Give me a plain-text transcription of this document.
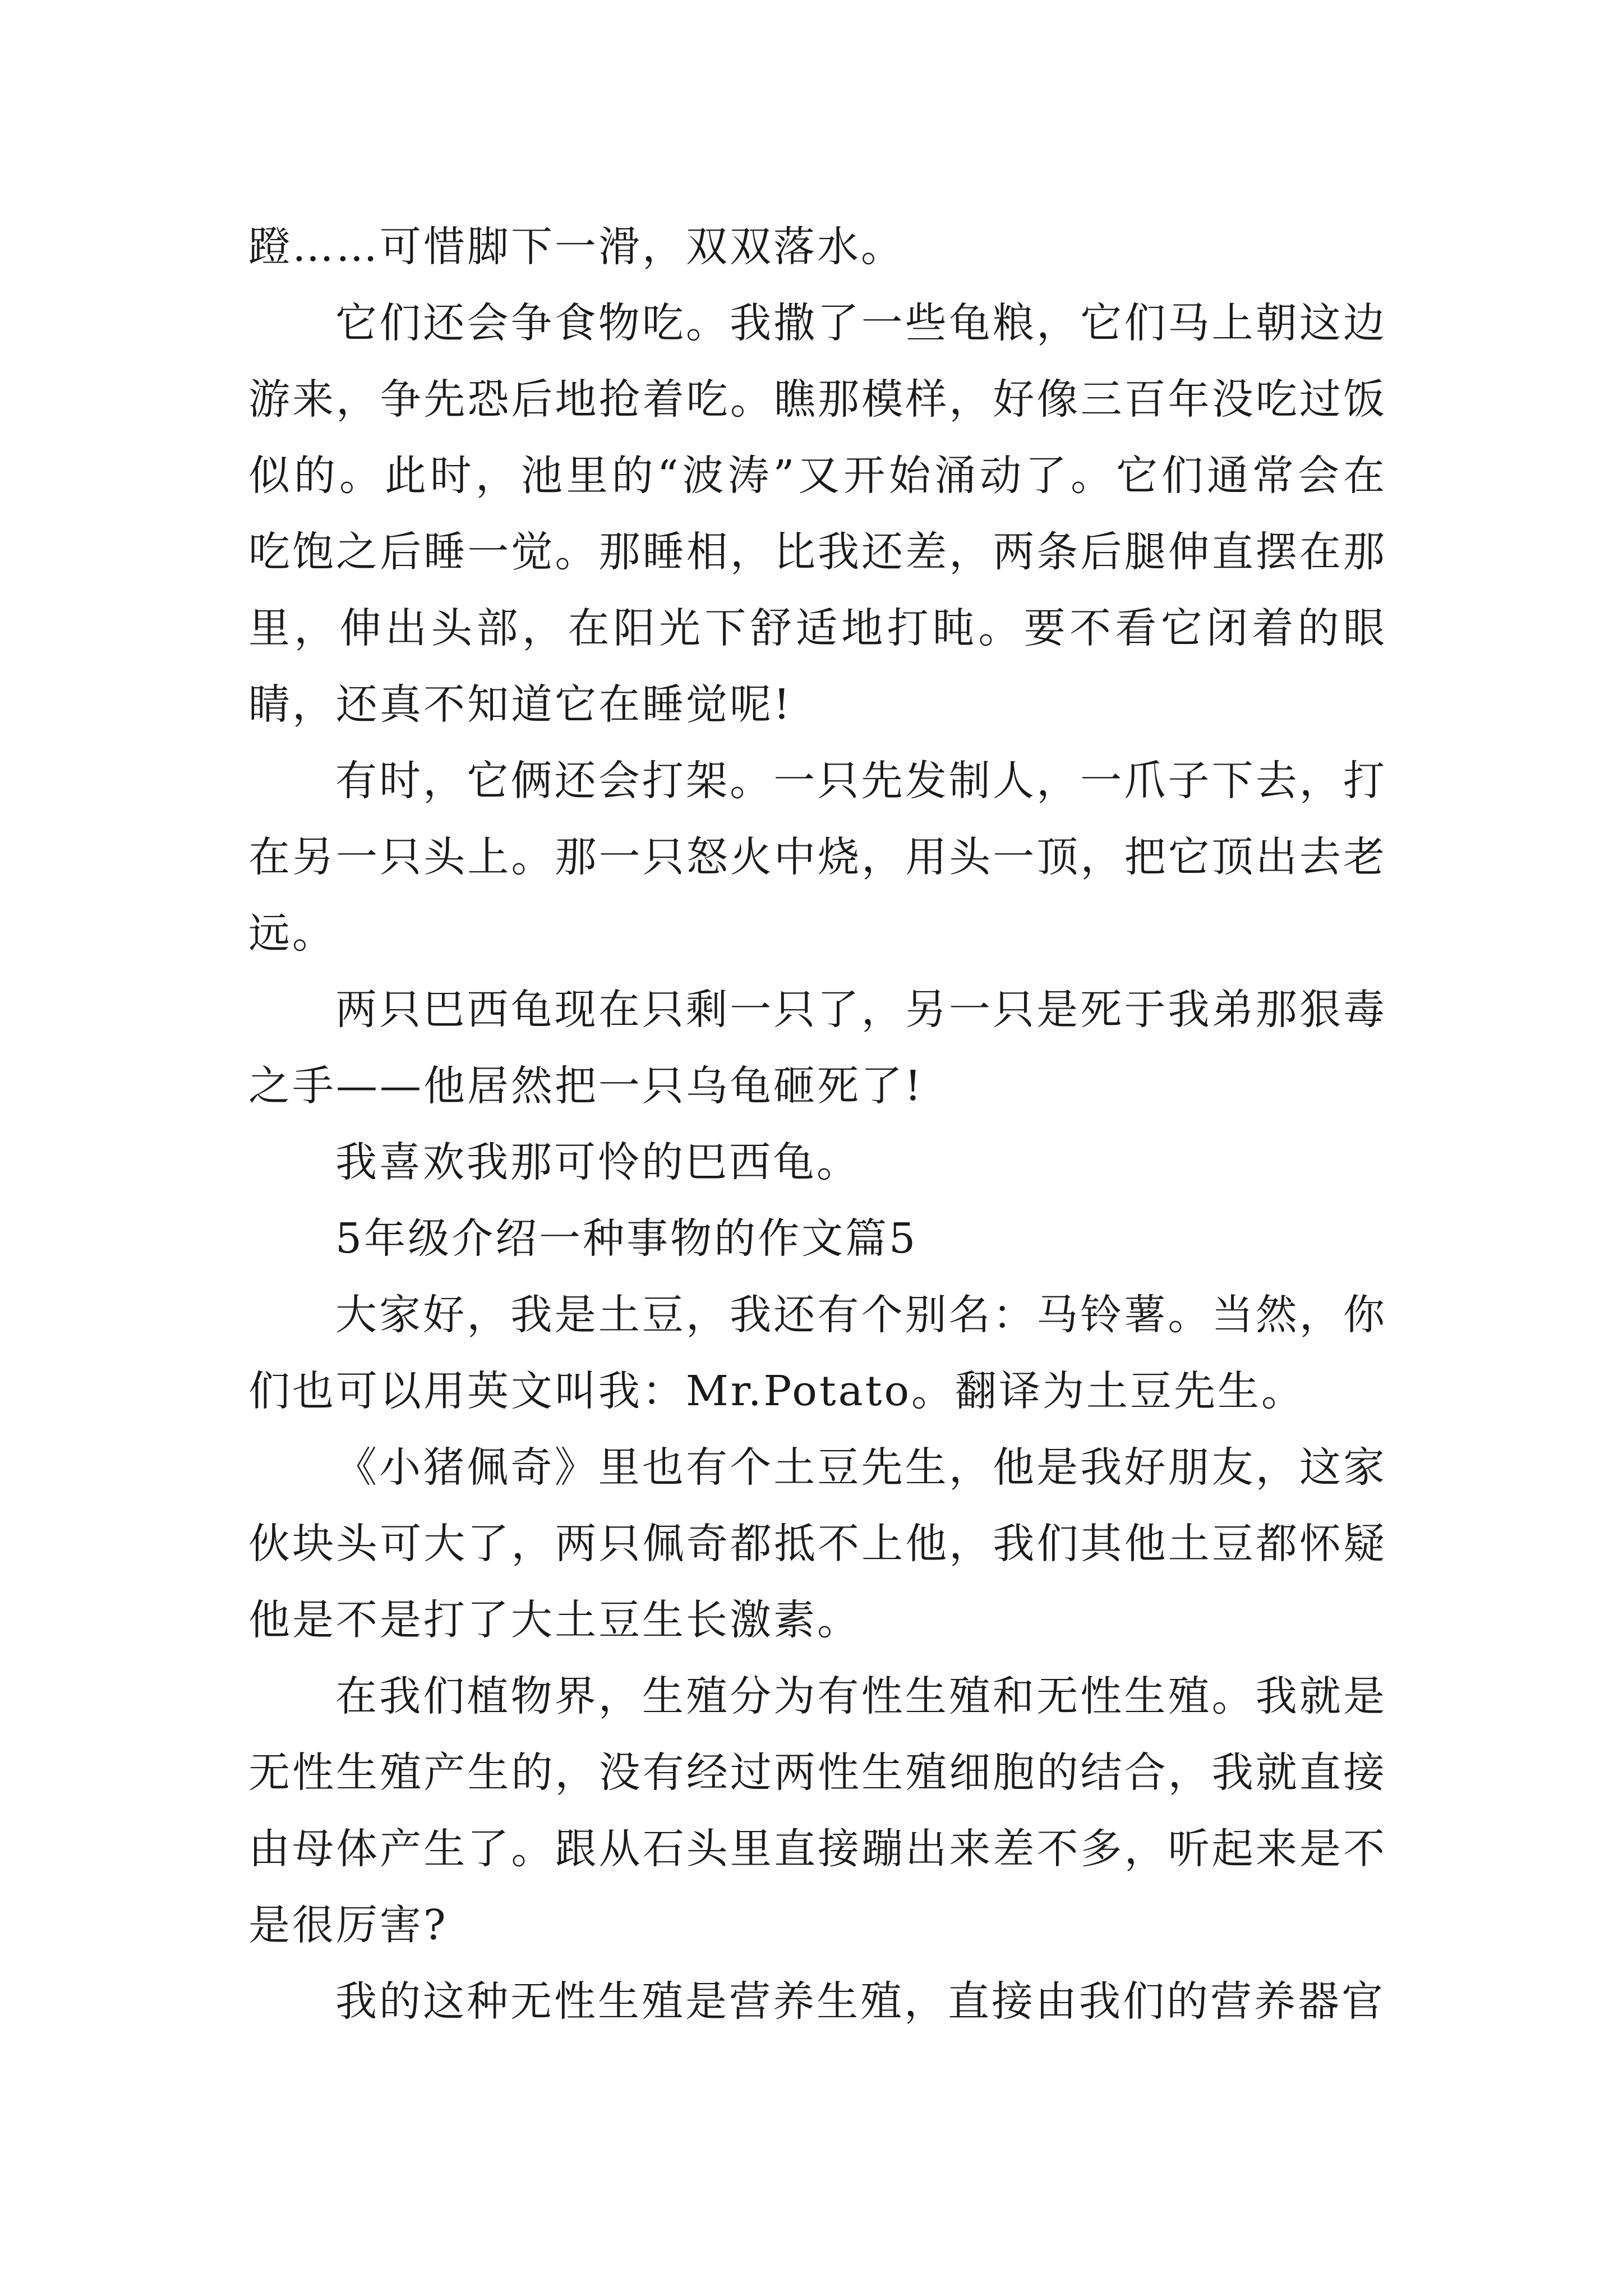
蹬……可惜脚下一滑，双双落水。

它们还会争食物吃。我撒了一些龟粮，它们马上朝这边游来，争先恐后地抢着吃。瞧那模样，好像三百年没吃过饭似的。此时，池里的“波涛”又开始涌动了。它们通常会在吃饱之后睡一觉。那睡相，比我还差，两条后腿伸直摆在那里，伸出头部，在阳光下舒适地打盹。要不看它闭着的眼睛，还真不知道它在睡觉呢!

有时，它俩还会打架。一只先发制人，一爪子下去，打在另一只头上。那一只怒火中烧，用头一顶，把它顶出去老远。

两只巴西龟现在只剩一只了，另一只是死于我弟那狠毒之手——他居然把一只乌龟砸死了!

我喜欢我那可怜的巴西龟。

5年级介绍一种事物的作文篇5

大家好，我是土豆，我还有个别名：马铃薯。当然，你们也可以用英文叫我：Mr.Potato。翻译为土豆先生。

《小猪佩奇》里也有个土豆先生，他是我好朋友，这家伙块头可大了，两只佩奇都抵不上他，我们其他土豆都怀疑他是不是打了大土豆生长激素。

在我们植物界，生殖分为有性生殖和无性生殖。我就是无性生殖产生的，没有经过两性生殖细胞的结合，我就直接由母体产生了。跟从石头里直接蹦出来差不多，听起来是不是很厉害?

我的这种无性生殖是营养生殖，直接由我们的营养器官
